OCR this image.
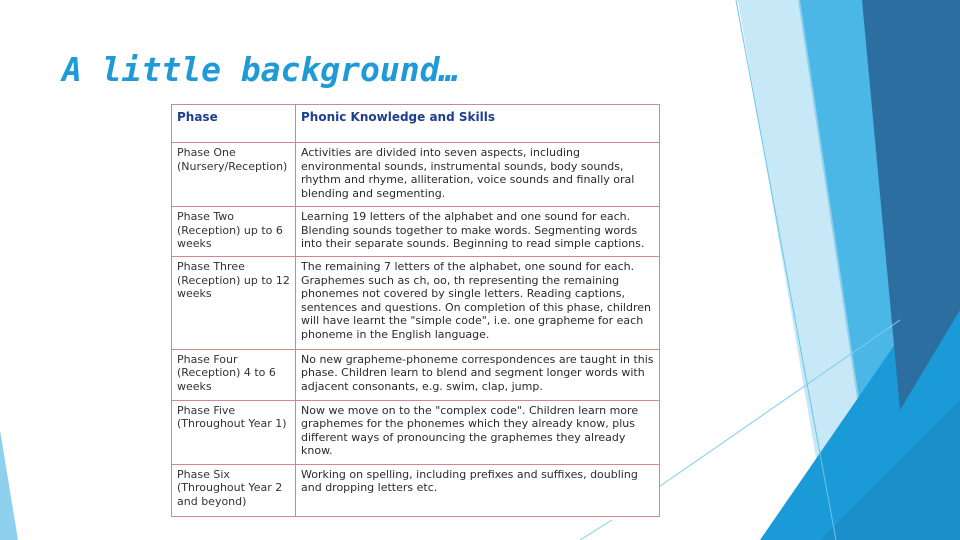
A little background…
Phase	Phonic Knowledge and Skills
Phase One (Nursery/Reception)	Activities are divided into seven aspects, including environmental sounds, instrumental sounds, body sounds, rhythm and rhyme, alliteration, voice sounds and finally oral blending and segmenting.
Phase Two (Reception) up to 6 weeks	Learning 19 letters of the alphabet and one sound for each. Blending sounds together to make words. Segmenting words into their separate sounds. Beginning to read simple captions.
Phase Three (Reception) up to 12 weeks	The remaining 7 letters of the alphabet, one sound for each. Graphemes such as ch, oo, th representing the remaining phonemes not covered by single letters. Reading captions, sentences and questions. On completion of this phase, children will have learnt the "simple code", i.e. one grapheme for each phoneme in the English language.
Phase Four (Reception) 4 to 6 weeks	No new grapheme-phoneme correspondences are taught in this phase. Children learn to blend and segment longer words with adjacent consonants, e.g. swim, clap, jump.
Phase Five (Throughout Year 1)	Now we move on to the "complex code". Children learn more graphemes for the phonemes which they already know, plus different ways of pronouncing the graphemes they already know.
Phase Six (Throughout Year 2 and beyond)	Working on spelling, including prefixes and suffixes, doubling and dropping letters etc.
